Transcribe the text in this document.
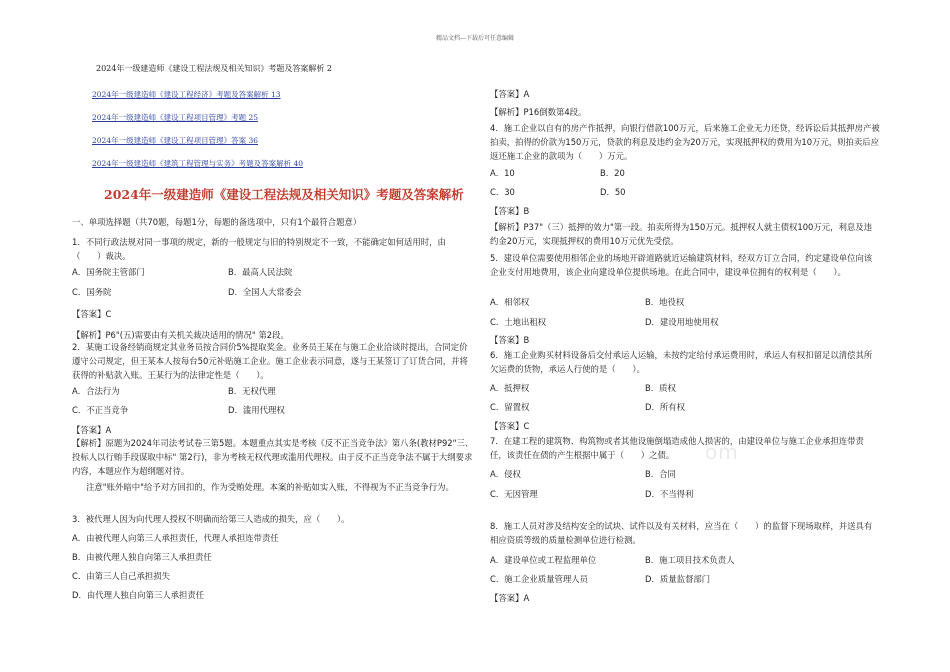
精品文档---下载后可任意编辑
2024年一级建造师《建设工程法规及相关知识》考题及答案解析 2
2024年一级建造师《建设工程经济》考题及答案解析 13
2024年一级建造师《建设工程项目管理》考题 25
2024年一级建造师《建设工程项目管理》答案 36
2024年一级建造师《建筑工程管理与实务》考题及答案解析 40
2024年一级建造师《建设工程法规及相关知识》考题及答案解析
一、单项选择题（共70题，每题1分，每题的备选项中，只有1个最符合题意）
1．不同行政法规对同一事项的规定，新的一般规定与旧的特别规定不一致，不能确定如何适用时，由（　　）裁决。
A．国务院主管部门	B．最高人民法院
C．国务院	D．全国人大常委会
【答案】C
【解析】P6"(五)需要由有关机关裁决适用的情况" 第2段。
2．某施工设备经销商规定其业务员按合同价5%提取奖金。业务员王某在与施工企业洽谈时提出，合同定价遵守公司规定，但王某本人按每台50元补贴施工企业。施工企业表示同意，遂与王某签订了订货合同，并将获得的补贴款入账。王某行为的法律定性是（　　）。
A．合法行为	B．无权代理
C．不正当竞争	D．滥用代理权
【答案】A
【解析】原题为2024年司法考试卷三第5题。本题重点其实是考核《反不正当竞争法》第八条(教材P92"三、投标人以行贿手段谋取中标" 第2行)，非为考核无权代理或滥用代理权。由于反不正当竞争法不属于大纲要求内容，本题应作为超纲题对待。
注意"账外暗中"给予对方回扣的，作为受贿处理。本案的补贴如实入账，不得视为不正当竞争行为。
3．被代理人因为向代理人授权不明确而给第三人造成的损失，应（　　）。
A．由被代理人向第三人承担责任，代理人承担连带责任
B．由被代理人独自向第三人承担责任
C．由第三人自己承担损失
D．由代理人独自向第三人承担责任
【答案】A
【解析】P16倒数第4段。
4．施工企业以自有的房产作抵押，向银行借款100万元，后来施工企业无力还贷，经诉讼后其抵押房产被拍卖，拍得的价款为150万元，贷款的利息及违约金为20万元，实现抵押权的费用为10万元，则拍卖后应返还施工企业的款项为（　　）万元。
A．10	B．20
C．30	D．50
【答案】B
【解析】P37"（三）抵押的效力"第一段。拍卖所得为150万元。抵押权人就主债权100万元，利息及违约金20万元，实现抵押权的费用10万元优先受偿。
5．建设单位需要使用相邻企业的场地开辟道路就近运输建筑材料，经双方订立合同，约定建设单位向该企业支付用地费用，该企业向建设单位提供场地。在此合同中，建设单位拥有的权利是（　　）。
A．相邻权	B．地役权
C．土地出租权	D．建设用地使用权
【答案】B
6．施工企业购买材料设备后交付承运人运输，未按约定给付承运费用时，承运人有权扣留足以清偿其所欠运费的货物，承运人行使的是（　　）。
A．抵押权	B．质权
C．留置权	D．所有权
【答案】C
om
7．在建工程的建筑物、构筑物或者其他设施倒塌造成他人损害的，由建设单位与施工企业承担连带责任，该责任在债的产生根据中属于（　　）之债。
A．侵权	B．合同
C．无因管理	D．不当得利
8．施工人员对涉及结构安全的试块、试件以及有关材料，应当在（　　）的监督下现场取样，并送具有相应资质等级的质量检测单位进行检测。
A．建设单位或工程监理单位	B．施工项目技术负责人
C．施工企业质量管理人员	D．质量监督部门
【答案】A
